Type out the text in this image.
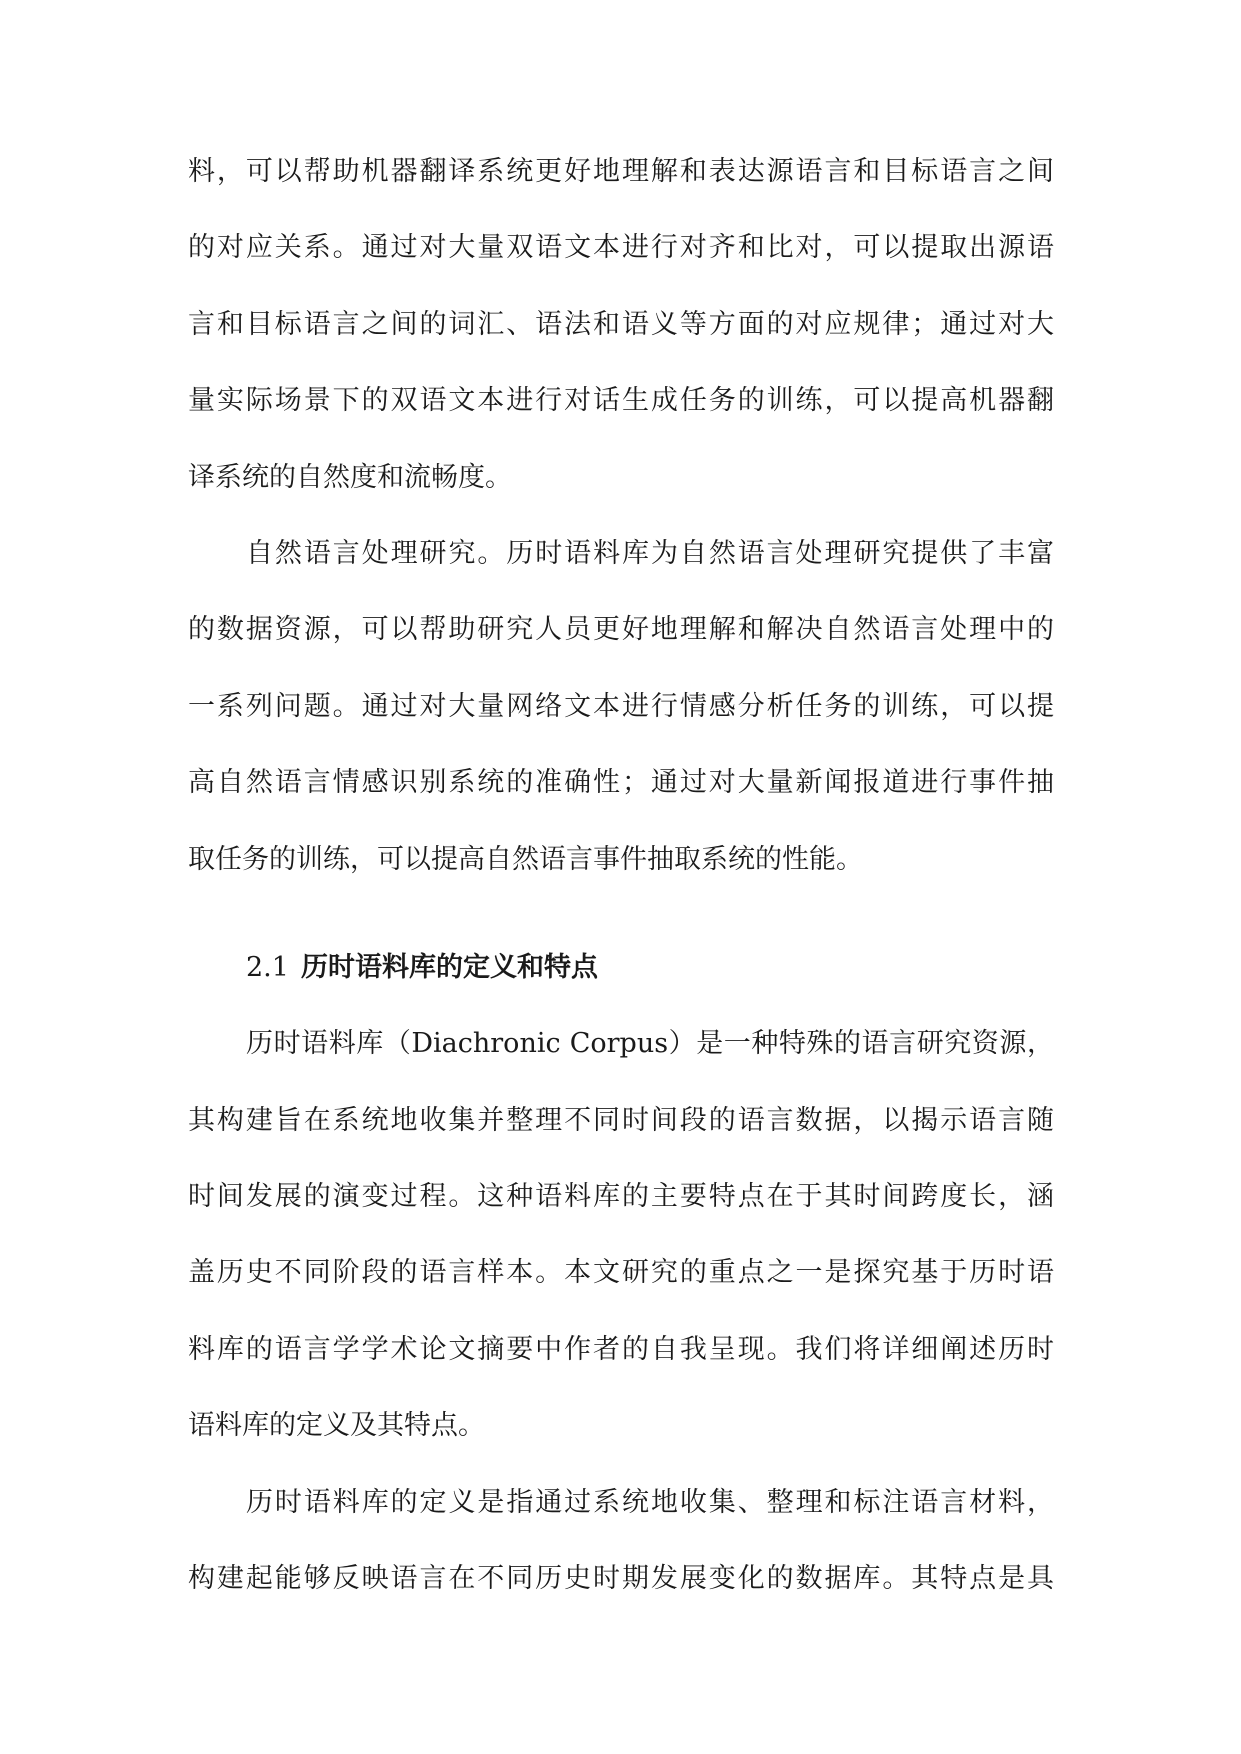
料，可以帮助机器翻译系统更好地理解和表达源语言和目标语言之间
的对应关系。通过对大量双语文本进行对齐和比对，可以提取出源语
言和目标语言之间的词汇、语法和语义等方面的对应规律；通过对大
量实际场景下的双语文本进行对话生成任务的训练，可以提高机器翻
译系统的自然度和流畅度。

自然语言处理研究。历时语料库为自然语言处理研究提供了丰富
的数据资源，可以帮助研究人员更好地理解和解决自然语言处理中的
一系列问题。通过对大量网络文本进行情感分析任务的训练，可以提
高自然语言情感识别系统的准确性；通过对大量新闻报道进行事件抽
取任务的训练，可以提高自然语言事件抽取系统的性能。

2.1 历时语料库的定义和特点

历时语料库（Diachronic Corpus）是一种特殊的语言研究资源，
其构建旨在系统地收集并整理不同时间段的语言数据，以揭示语言随
时间发展的演变过程。这种语料库的主要特点在于其时间跨度长，涵
盖历史不同阶段的语言样本。本文研究的重点之一是探究基于历时语
料库的语言学学术论文摘要中作者的自我呈现。我们将详细阐述历时
语料库的定义及其特点。

历时语料库的定义是指通过系统地收集、整理和标注语言材料，
构建起能够反映语言在不同历史时期发展变化的数据库。其特点是具
